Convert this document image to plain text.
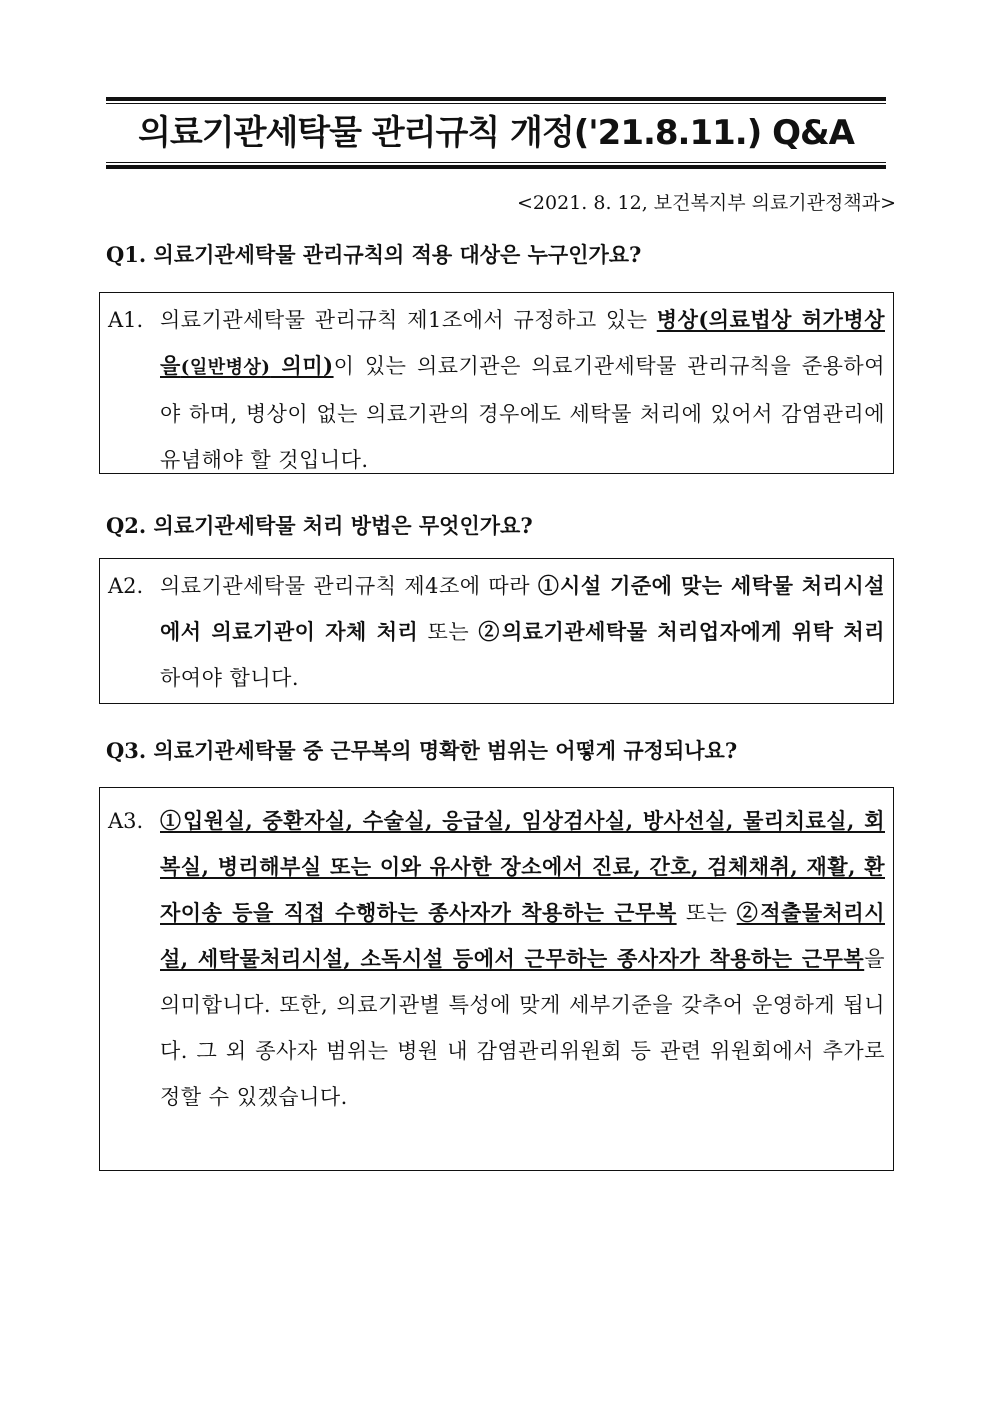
의료기관세탁물 관리규칙 개정('21.8.11.) Q&A
<2021. 8. 12, 보건복지부 의료기관정책과>
Q1. 의료기관세탁물 관리규칙의 적용 대상은 누구인가요?
A1. 의료기관세탁물 관리규칙 제1조에서 규정하고 있는 병상(의료법상 허가병상을(일반병상) 의미)이 있는 의료기관은 의료기관세탁물 관리규칙을 준용하여야 하며, 병상이 없는 의료기관의 경우에도 세탁물 처리에 있어서 감염관리에 유념해야 할 것입니다.
Q2. 의료기관세탁물 처리 방법은 무엇인가요?
A2. 의료기관세탁물 관리규칙 제4조에 따라 ①시설 기준에 맞는 세탁물 처리시설에서 의료기관이 자체 처리 또는 ②의료기관세탁물 처리업자에게 위탁 처리하여야 합니다.
Q3. 의료기관세탁물 중 근무복의 명확한 범위는 어떻게 규정되나요?
A3. ①입원실, 중환자실, 수술실, 응급실, 임상검사실, 방사선실, 물리치료실, 회복실, 병리해부실 또는 이와 유사한 장소에서 진료, 간호, 검체채취, 재활, 환자이송 등을 직접 수행하는 종사자가 착용하는 근무복 또는 ②적출물처리시설, 세탁물처리시설, 소독시설 등에서 근무하는 종사자가 착용하는 근무복을 의미합니다. 또한, 의료기관별 특성에 맞게 세부기준을 갖추어 운영하게 됩니다. 그 외 종사자 범위는 병원 내 감염관리위원회 등 관련 위원회에서 추가로 정할 수 있겠습니다.
